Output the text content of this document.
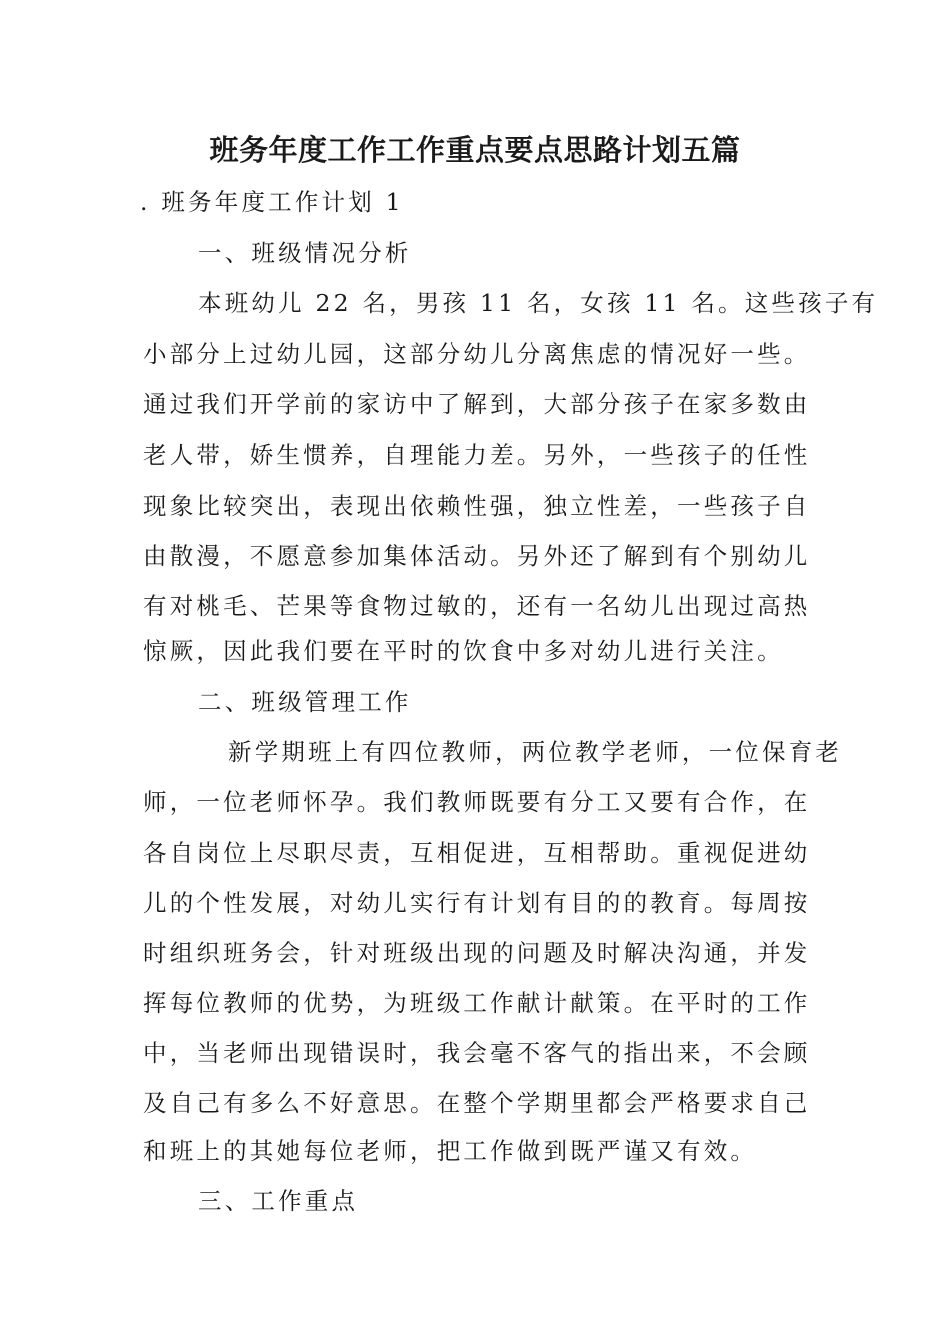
班务年度工作工作重点要点思路计划五篇

. 班务年度工作计划 1

一、班级情况分析

本班幼儿 22 名，男孩 11 名，女孩 11 名。这些孩子有

小部分上过幼儿园，这部分幼儿分离焦虑的情况好一些。

通过我们开学前的家访中了解到，大部分孩子在家多数由

老人带，娇生惯养，自理能力差。另外，一些孩子的任性

现象比较突出，表现出依赖性强，独立性差，一些孩子自

由散漫，不愿意参加集体活动。另外还了解到有个别幼儿

有对桃毛、芒果等食物过敏的，还有一名幼儿出现过高热

惊厥，因此我们要在平时的饮食中多对幼儿进行关注。

二、班级管理工作

新学期班上有四位教师，两位教学老师，一位保育老

师，一位老师怀孕。我们教师既要有分工又要有合作，在

各自岗位上尽职尽责，互相促进，互相帮助。重视促进幼

儿的个性发展，对幼儿实行有计划有目的的教育。每周按

时组织班务会，针对班级出现的问题及时解决沟通，并发

挥每位教师的优势，为班级工作献计献策。在平时的工作

中，当老师出现错误时，我会毫不客气的指出来，不会顾

及自己有多么不好意思。在整个学期里都会严格要求自己

和班上的其她每位老师，把工作做到既严谨又有效。

三、工作重点
